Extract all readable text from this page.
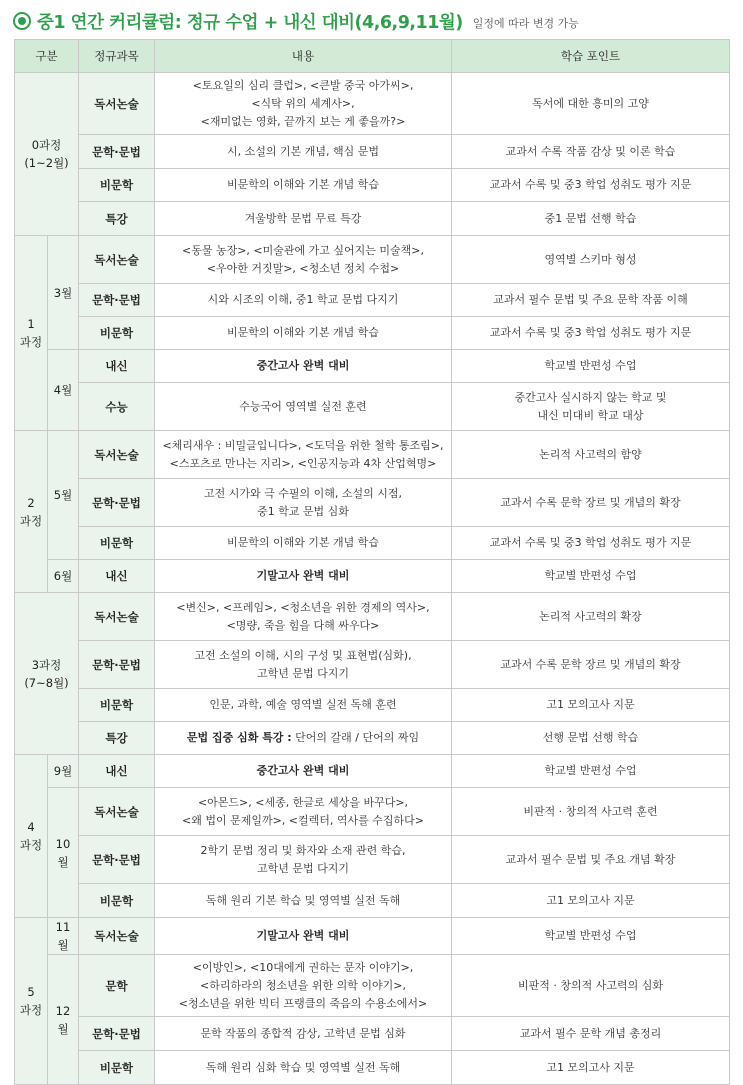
중1 연간 커리큘럼: 정규 수업 + 내신 대비(4,6,9,11월) 일정에 따라 변경 가능
구분		정규과목	내용	학습 포인트

0과정
(1~2월)		독서논술	<토요일의 심리 클럽>, <큰발 중국 아가씨>,
<식탁 위의 세계사>,
<재미없는 영화, 끝까지 보는 게 좋을까?>	독서에 대한 흥미의 고양
		문학·문법	시, 소설의 기본 개념, 핵심 문법	교과서 수록 작품 감상 및 이론 학습
		비문학	비문학의 이해와 기본 개념 학습	교과서 수록 및 중3 학업 성취도 평가 지문
		특강	겨울방학 문법 무료 특강	중1 문법 선행 학습

1
과정	3월	독서논술	<동물 농장>, <미술관에 가고 싶어지는 미술책>,
<우아한 거짓말>, <청소년 정치 수첩>	영역별 스키마 형성
		문학·문법	시와 시조의 이해, 중1 학교 문법 다지기	교과서 필수 문법 및 주요 문학 작품 이해
		비문학	비문학의 이해와 기본 개념 학습	교과서 수록 및 중3 학업 성취도 평가 지문
	4월	내신	중간고사 완벽 대비	학교별 반편성 수업
		수능	수능국어 영역별 실전 훈련	중간고사 실시하지 않는 학교 및
내신 미대비 학교 대상

2
과정	5월	독서논술	<체리새우 : 비밀글입니다>, <도덕을 위한 철학 통조림>,
<스포츠로 만나는 지리>, <인공지능과 4차 산업혁명>	논리적 사고력의 함양
		문학·문법	고전 시가와 극 수필의 이해, 소설의 시점,
중1 학교 문법 심화	교과서 수록 문학 장르 및 개념의 확장
		비문학	비문학의 이해와 기본 개념 학습	교과서 수록 및 중3 학업 성취도 평가 지문
	6월	내신	기말고사 완벽 대비	학교별 반편성 수업

3과정
(7~8월)		독서논술	<변신>, <프레임>, <청소년을 위한 경제의 역사>,
<명량, 죽을 힘을 다해 싸우다>	논리적 사고력의 확장
		문학·문법	고전 소설의 이해, 시의 구성 및 표현법(심화),
고학년 문법 다지기	교과서 수록 문학 장르 및 개념의 확장
		비문학	인문, 과학, 예술 영역별 실전 독해 훈련	고1 모의고사 지문
		특강	문법 집중 심화 특강 : 단어의 갈래 / 단어의 짜임	선행 문법 선행 학습

4
과정	9월	내신	중간고사 완벽 대비	학교별 반편성 수업
	10월	독서논술	<아몬드>, <세종, 한글로 세상을 바꾸다>,
<왜 법이 문제일까>, <컬렉터, 역사를 수집하다>	비판적 · 창의적 사고력 훈련
		문학·문법	2학기 문법 정리 및 화자와 소재 관련 학습,
고학년 문법 다지기	교과서 필수 문법 및 주요 개념 확장
		비문학	독해 원리 기본 학습 및 영역별 실전 독해	고1 모의고사 지문

5
과정	11월	독서논술	기말고사 완벽 대비	학교별 반편성 수업
	12월	문학	<이방인>, <10대에게 권하는 문자 이야기>,
<하리하라의 청소년을 위한 의학 이야기>,
<청소년을 위한 빅터 프랭클의 죽음의 수용소에서>	비판적 · 창의적 사고력의 심화
		문학·문법	문학 작품의 종합적 감상, 고학년 문법 심화	교과서 필수 문학 개념 총정리
		비문학	독해 원리 심화 학습 및 영역별 실전 독해	고1 모의고사 지문
